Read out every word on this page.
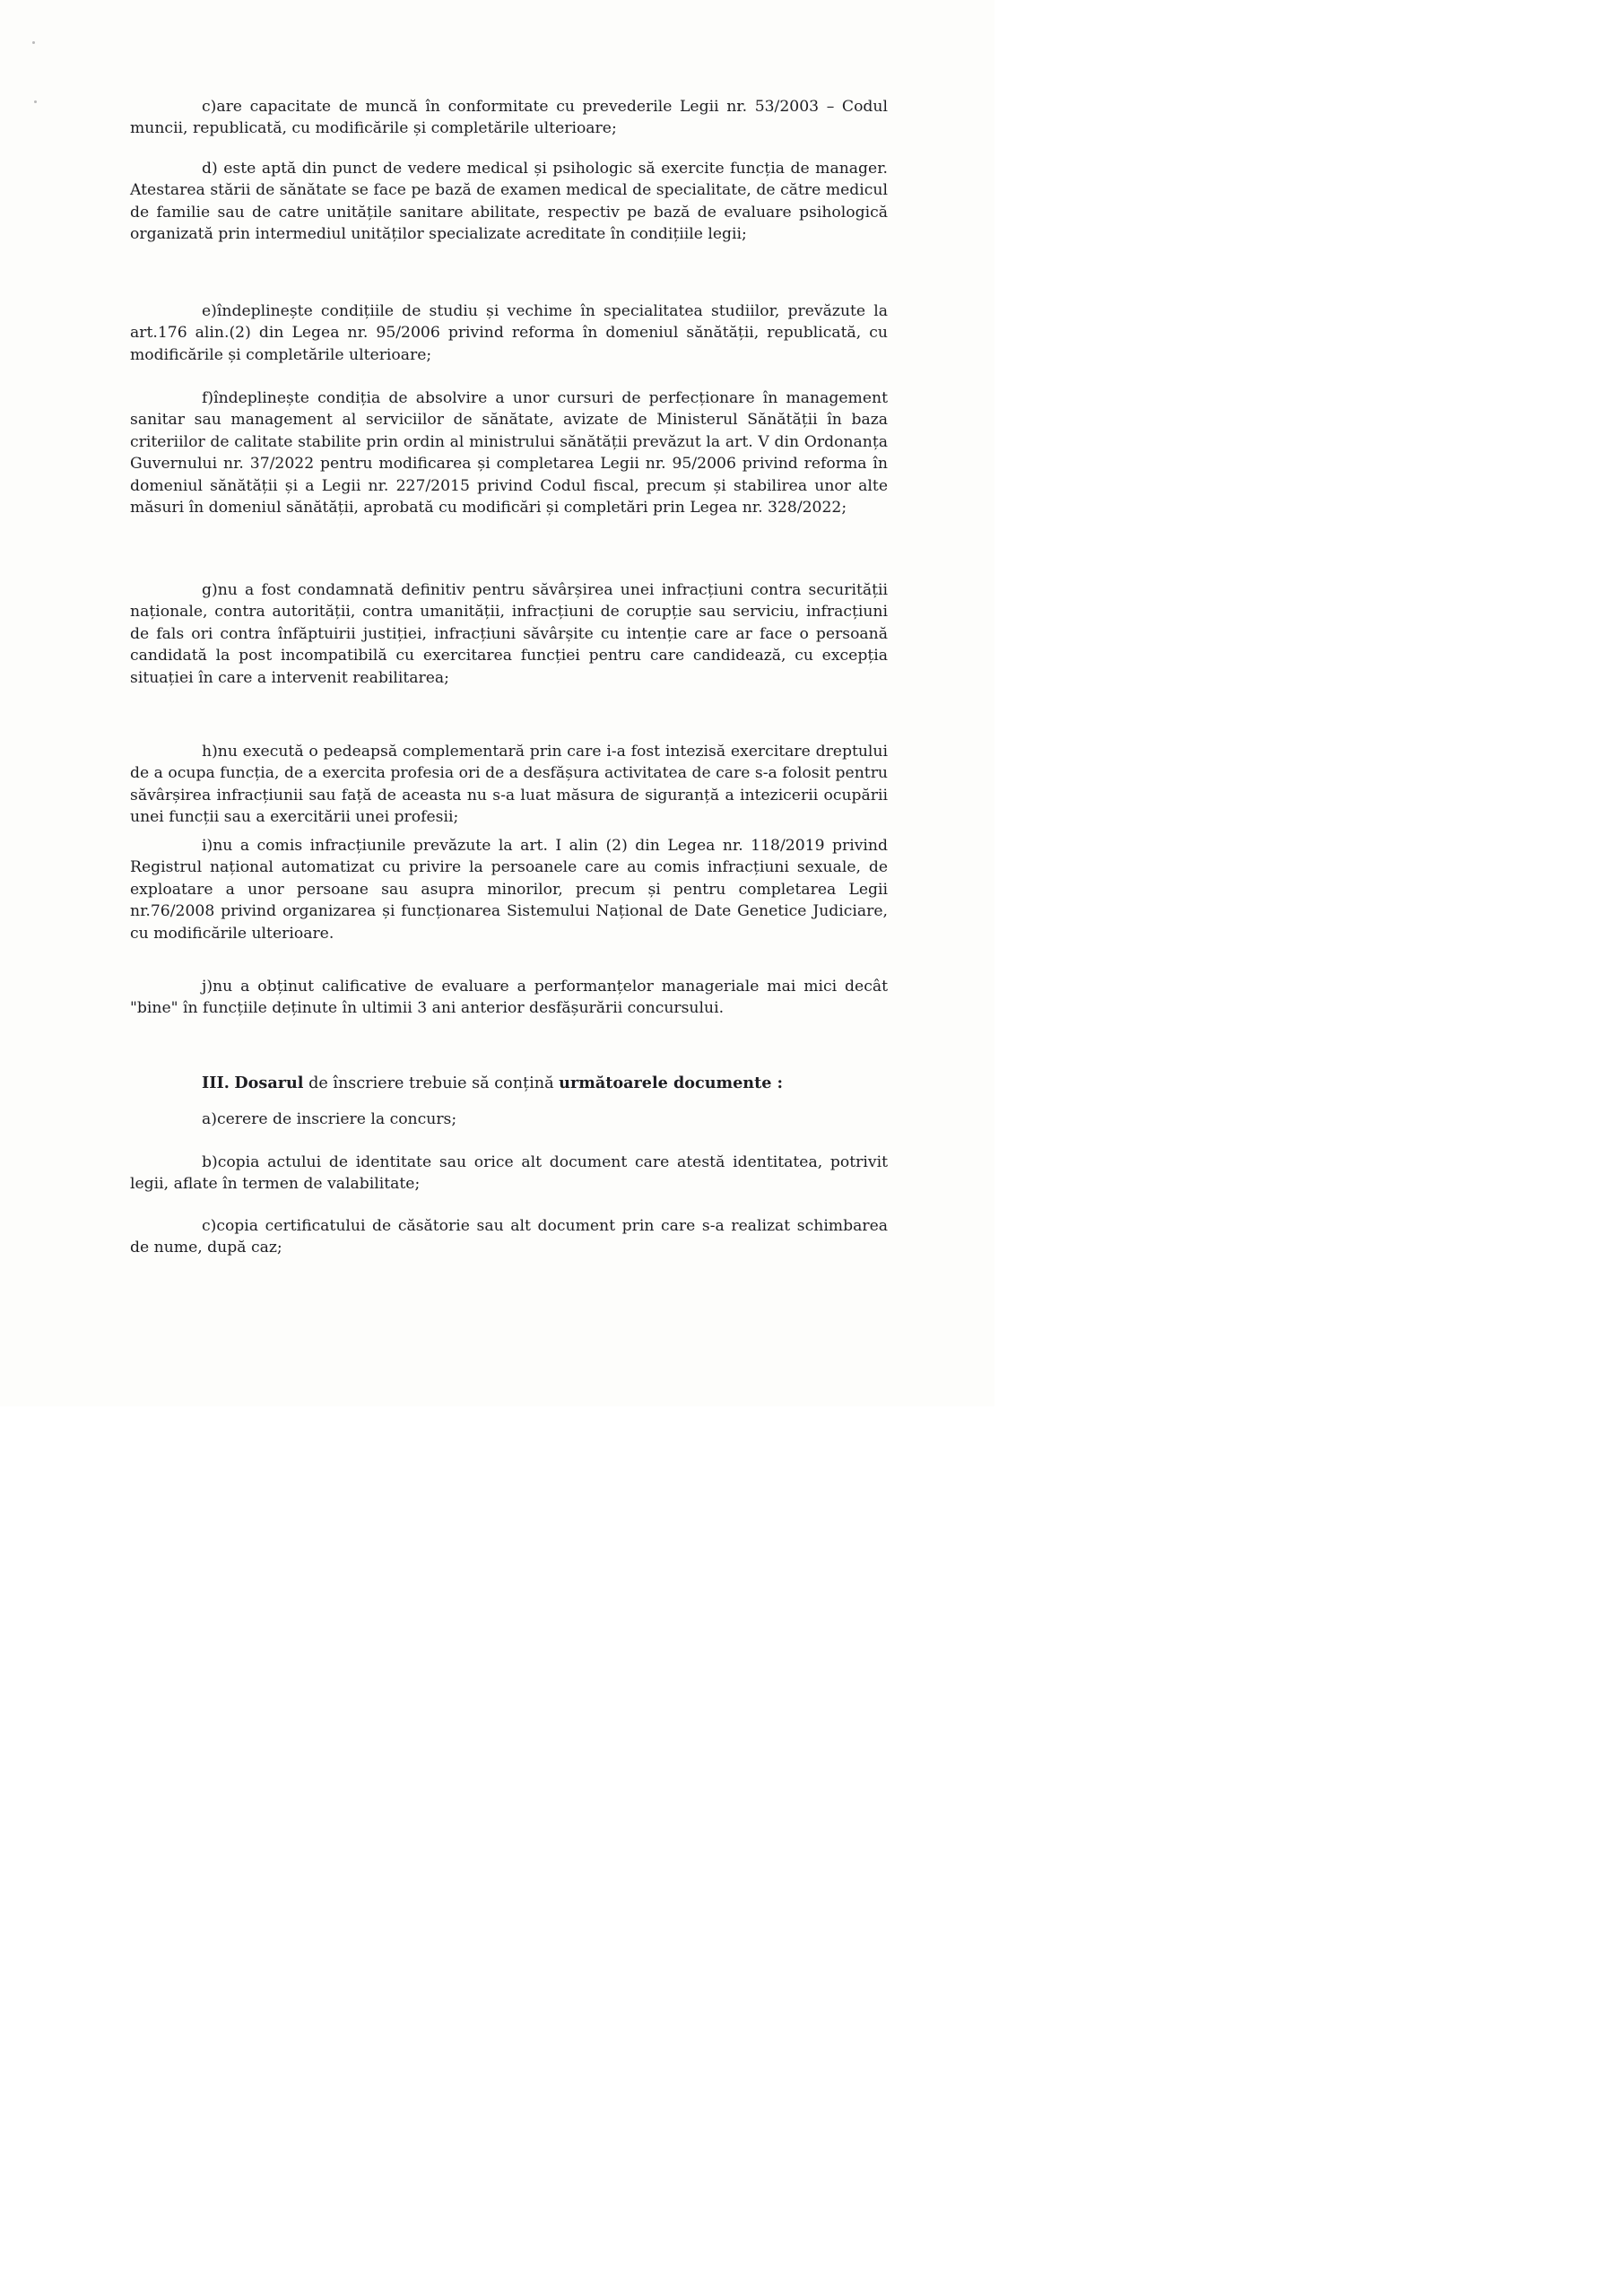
c)are capacitate de muncă în conformitate cu prevederile Legii nr. 53/2003 – Codul muncii, republicată, cu modificările și completările ulterioare;

d) este aptă din punct de vedere medical și psihologic să exercite funcția de manager. Atestarea stării de sănătate se face pe bază de examen medical de specialitate, de către medicul de familie sau de catre unitățile sanitare abilitate, respectiv pe bază de evaluare psihologică organizată prin intermediul unităților specializate acreditate în condițiile legii;

e)îndeplinește condițiile de studiu și vechime în specialitatea studiilor, prevăzute la art.176 alin.(2) din Legea nr. 95/2006 privind reforma în domeniul sănătății, republicată, cu modificările și completările ulterioare;

f)îndeplinește condiția de absolvire a unor cursuri de perfecționare în management sanitar sau management al serviciilor de sănătate, avizate de Ministerul Sănătății în baza criteriilor de calitate stabilite prin ordin al ministrului sănătății prevăzut la art. V din Ordonanța Guvernului nr. 37/2022 pentru modificarea și completarea Legii nr. 95/2006 privind reforma în domeniul sănătății și a Legii nr. 227/2015 privind Codul fiscal, precum și stabilirea unor alte măsuri în domeniul sănătății, aprobată cu modificări și completări prin Legea nr. 328/2022;

g)nu a fost condamnată definitiv pentru săvârșirea unei infracțiuni contra securității naționale, contra autorității, contra umanității, infracțiuni de corupție sau serviciu, infracțiuni de fals ori contra înfăptuirii justiției, infracțiuni săvârșite cu intenție care ar face o persoană candidată la post incompatibilă cu exercitarea funcției pentru care candidează, cu excepția situației în care a intervenit reabilitarea;

h)nu execută o pedeapsă complementară prin care i-a fost intezisă exercitare dreptului de a ocupa funcția, de a exercita profesia ori de a desfășura activitatea de care s-a folosit pentru săvârșirea infracțiunii sau față de aceasta nu s-a luat măsura de siguranță a intezicerii ocupării unei funcții sau a exercitării unei profesii;

i)nu a comis infracțiunile prevăzute la art. I alin (2) din Legea nr. 118/2019 privind Registrul național automatizat cu privire la persoanele care au comis infracțiuni sexuale, de exploatare a unor persoane sau asupra minorilor, precum și pentru completarea Legii nr.76/2008 privind organizarea și funcționarea Sistemului Național de Date Genetice Judiciare, cu modificările ulterioare.

j)nu a obținut calificative de evaluare a performanțelor manageriale mai mici decât "bine" în funcțiile deținute în ultimii 3 ani anterior desfășurării concursului.

III. Dosarul de înscriere trebuie să conțină următoarele documente :

a)cerere de inscriere la concurs;

b)copia actului de identitate sau orice alt document care atestă identitatea, potrivit legii, aflate în termen de valabilitate;

c)copia certificatului de căsătorie sau alt document prin care s-a realizat schimbarea de nume, după caz;
